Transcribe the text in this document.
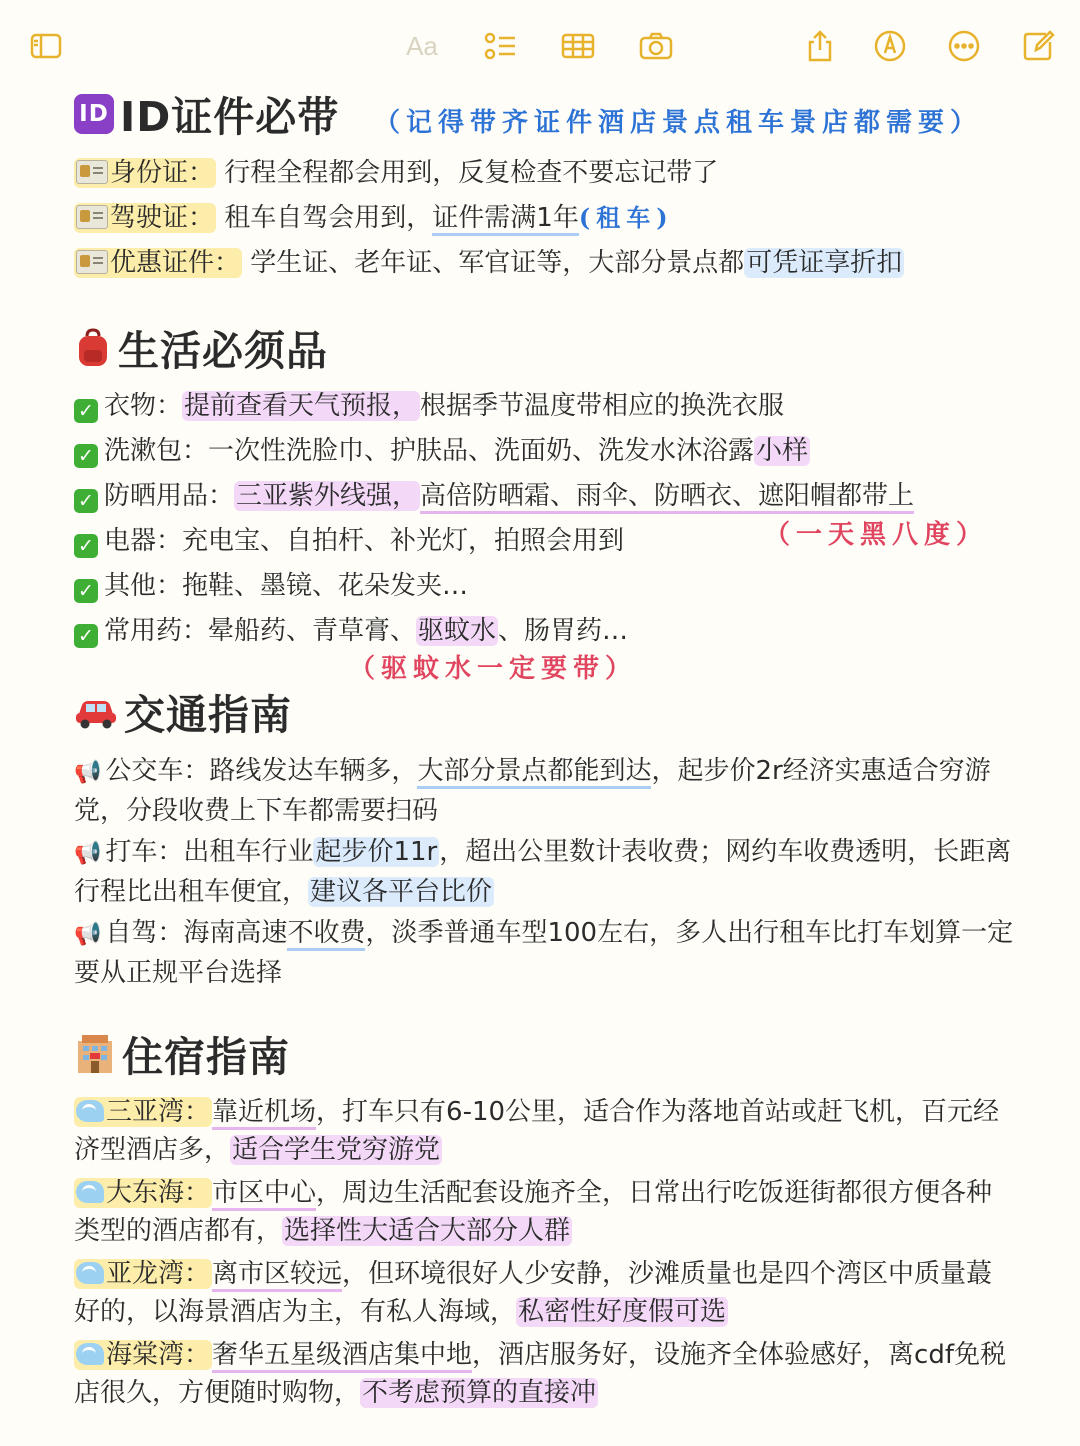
Aa
ID ID证件必带 （记得带齐证件酒店景点租车景店都需要）
身份证： 行程全程都会用到，反复检查不要忘记带了
驾驶证： 租车自驾会用到，证件需满1年(租车)
优惠证件： 学生证、老年证、军官证等，大部分景点都可凭证享折扣
生活必须品
✓ 衣物：提前查看天气预报，根据季节温度带相应的换洗衣服
✓ 洗漱包：一次性洗脸巾、护肤品、洗面奶、洗发水沐浴露小样
✓ 防晒用品：三亚紫外线强，高倍防晒霜、雨伞、防晒衣、遮阳帽都带上
（一天黑八度）
✓ 电器：充电宝、自拍杆、补光灯，拍照会用到
✓ 其他：拖鞋、墨镜、花朵发夹…
✓ 常用药：晕船药、青草膏、驱蚊水、肠胃药…
（驱蚊水一定要带）
交通指南
📢 公交车：路线发达车辆多，大部分景点都能到达，起步价2r经济实惠适合穷游党，分段收费上下车都需要扫码
📢 打车：出租车行业起步价11r，超出公里数计表收费；网约车收费透明，长距离行程比出租车便宜，建议各平台比价
📢 自驾：海南高速不收费，淡季普通车型100左右，多人出行租车比打车划算一定要从正规平台选择
住宿指南
三亚湾：靠近机场，打车只有6-10公里，适合作为落地首站或赶飞机，百元经济型酒店多，适合学生党穷游党
大东海：市区中心，周边生活配套设施齐全，日常出行吃饭逛街都很方便各种类型的酒店都有，选择性大适合大部分人群
亚龙湾：离市区较远，但环境很好人少安静，沙滩质量也是四个湾区中质量蕞好的，以海景酒店为主，有私人海域，私密性好度假可选
海棠湾：奢华五星级酒店集中地，酒店服务好，设施齐全体验感好，离cdf免税店很久，方便随时购物，不考虑预算的直接冲
